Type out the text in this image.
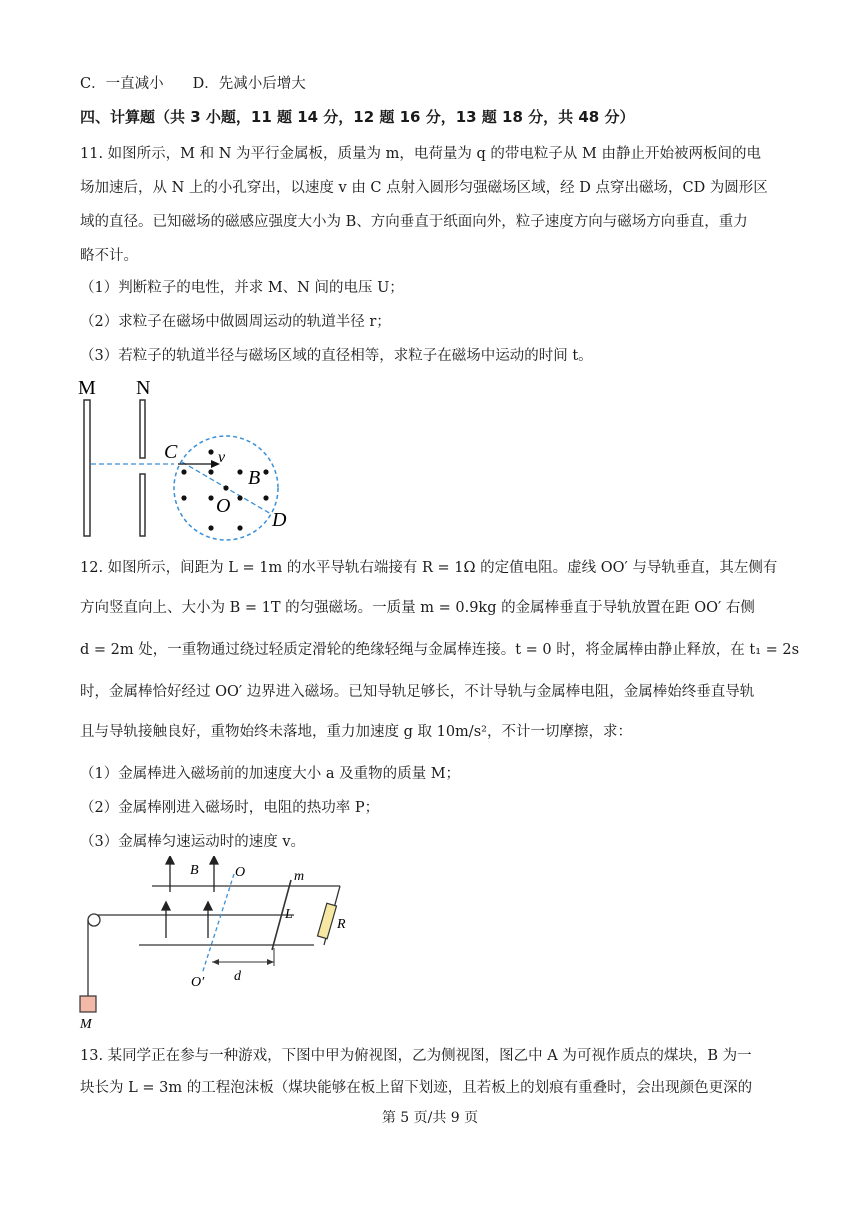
C．一直减小　　D．先减小后增大
四、计算题（共 3 小题，11 题 14 分，12 题 16 分，13 题 18 分，共 48 分）
11. 如图所示，M 和 N 为平行金属板，质量为 m，电荷量为 q 的带电粒子从 M 由静止开始被两板间的电
场加速后，从 N 上的小孔穿出，以速度 v 由 C 点射入圆形匀强磁场区域，经 D 点穿出磁场，CD 为圆形区
域的直径。已知磁场的磁感应强度大小为 B、方向垂直于纸面向外，粒子速度方向与磁场方向垂直，重力
略不计。
（1）判断粒子的电性，并求 M、N 间的电压 U；
（2）求粒子在磁场中做圆周运动的轨道半径 r；
（3）若粒子的轨道半径与磁场区域的直径相等，求粒子在磁场中运动的时间 t。
M N
C	v
B
O
D
12. 如图所示，间距为 L = 1m 的水平导轨右端接有 R = 1Ω 的定值电阻。虚线 OO′ 与导轨垂直，其左侧有
方向竖直向上、大小为 B = 1T 的匀强磁场。一质量 m = 0.9kg 的金属棒垂直于导轨放置在距 OO′ 右侧
d = 2m 处，一重物通过绕过轻质定滑轮的绝缘轻绳与金属棒连接。t = 0 时，将金属棒由静止释放，在 t₁ = 2s
时，金属棒恰好经过 OO′ 边界进入磁场。已知导轨足够长，不计导轨与金属棒电阻，金属棒始终垂直导轨
且与导轨接触良好，重物始终未落地，重力加速度 g 取 10m/s²，不计一切摩擦，求：
（1）金属棒进入磁场前的加速度大小 a 及重物的质量 M；
（2）金属棒刚进入磁场时，电阻的热功率 P；
（3）金属棒匀速运动时的速度 v。
R
m
L
O
O′
B
d
M
13. 某同学正在参与一种游戏，下图中甲为俯视图，乙为侧视图，图乙中 A 为可视作质点的煤块，B 为一
块长为 L = 3m 的工程泡沫板（煤块能够在板上留下划迹，且若板上的划痕有重叠时，会出现颜色更深的
第 5 页/共 9 页
